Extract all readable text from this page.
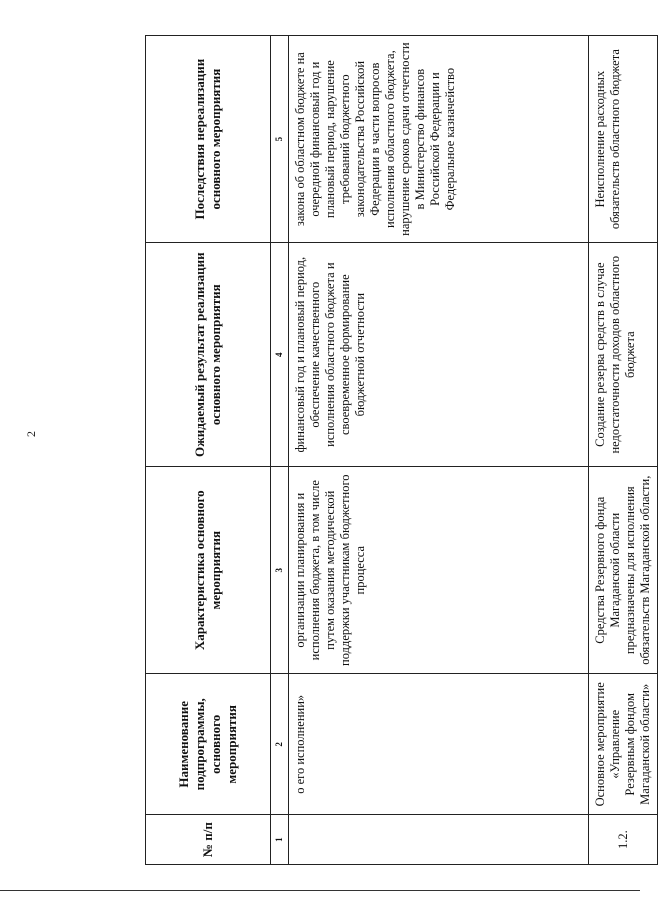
2
№ п/п	Наименование подпрограммы, основного мероприятия	Характеристика основного мероприятия	Ожидаемый результат реализации основного мероприятия	Последствия нереализации основного мероприятия
1	2	3	4	5
	о его исполнении»	организации планирования и исполнения бюджета, в том числе путем оказания методической поддержки участникам бюджетного процесса	финансовый год и плановый период, обеспечение качественного исполнения областного бюджета и своевременное формирование бюджетной отчетности	закона об областном бюджете на очередной финансовый год и плановый период, нарушение требований бюджетного законодательства Российской Федерации в части вопросов исполнения областного бюджета, нарушение сроков сдачи отчетности в Министерство финансов Российской Федерации и Федеральное казначейство
1.2.	Основное мероприятие «Управление Резервным фондом Магаданской области»	Средства Резервного фонда Магаданской области предназначены для исполнения обязательств Магаданской области,	Создание резерва средств в случае недостаточности доходов областного бюджета	Неисполнение расходных обязательств областного бюджета
